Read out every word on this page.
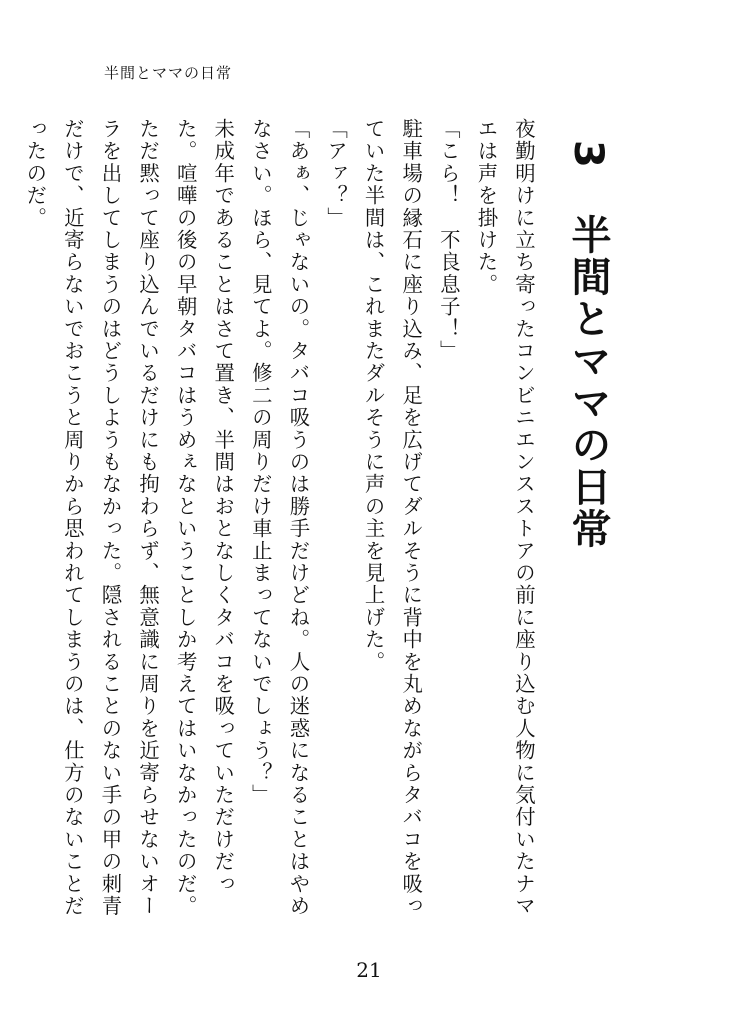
半間とママの日常
3半間とママの日常

夜勤明けに立ち寄ったコンビニエンスストアの前に座り込む人物に気付いたナマエは声を掛けた。

「こら！　不良息子！」

駐車場の縁石に座り込み、足を広げてダルそうに背中を丸めながらタバコを吸っていた半間は、これまたダルそうに声の主を見上げた。

「アァ？」

「あぁ、じゃないの。タバコ吸うのは勝手だけどね。人の迷惑になることはやめなさい。ほら、見てよ。修二の周りだけ車止まってないでしょう？」

未成年であることはさて置き、半間はおとなしくタバコを吸っていただけだった。喧嘩の後の早朝タバコはうめぇなということしか考えてはいなかったのだ。ただ黙って座り込んでいるだけにも拘わらず、無意識に周りを近寄らせないオーラを出してしまうのはどうしようもなかった。隠されることのない手の甲の刺青だけで、近寄らないでおこうと周りから思われてしまうのは、仕方のないことだったのだ。

21
